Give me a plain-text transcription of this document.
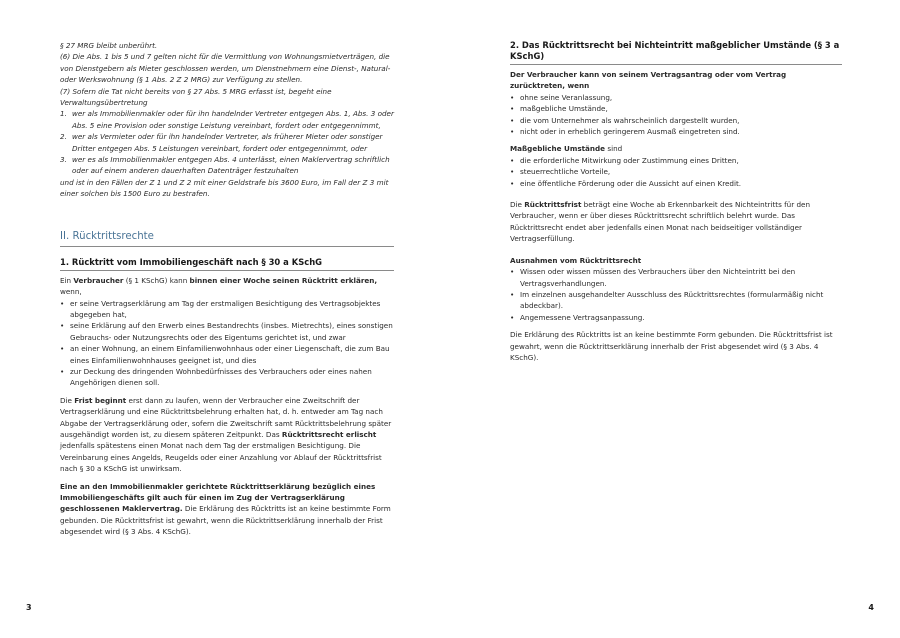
§ 27 MRG bleibt unberührt.
(6) Die Abs. 1 bis 5 und 7 gelten nicht für die Vermittlung von Wohnungsmietverträgen, die von Dienstgebern als Mieter geschlossen werden, um Dienstnehmern eine Dienst-, Natural- oder Werkswohnung (§ 1 Abs. 2 Z 2 MRG) zur Verfügung zu stellen.
(7) Sofern die Tat nicht bereits von § 27 Abs. 5 MRG erfasst ist, begeht eine Verwaltungsübertretung
1. wer als Immobilienmakler oder für ihn handelnder Vertreter entgegen Abs. 1, Abs. 3 oder Abs. 5 eine Provision oder sonstige Leistung vereinbart, fordert oder entgegennimmt,
2. wer als Vermieter oder für ihn handelnder Vertreter, als früherer Mieter oder sonstiger Dritter entgegen Abs. 5 Leistungen vereinbart, fordert oder entgegennimmt, oder
3. wer es als Immobilienmakler entgegen Abs. 4 unterlässt, einen Maklervertrag schriftlich oder auf einem anderen dauerhaften Datenträger festzuhalten
und ist in den Fällen der Z 1 und Z 2 mit einer Geldstrafe bis 3600 Euro, im Fall der Z 3 mit einer solchen bis 1500 Euro zu bestrafen.
II. Rücktrittsrechte
1. Rücktritt vom Immobiliengeschäft nach § 30 a KSchG

Ein Verbraucher (§ 1 KSchG) kann binnen einer Woche seinen Rücktritt erklären, wenn,

• er seine Vertragserklärung am Tag der erstmaligen Besichtigung des Vertragsobjektes abgegeben hat,
• seine Erklärung auf den Erwerb eines Bestandrechts (insbes. Mietrechts), eines sonstigen Gebrauchs- oder Nutzungsrechts oder des Eigentums gerichtet ist, und zwar
• an einer Wohnung, an einem Einfamilienwohnhaus oder einer Liegenschaft, die zum Bau eines Einfamilienwohnhauses geeignet ist, und dies
• zur Deckung des dringenden Wohnbedürfnisses des Verbrauchers oder eines nahen Angehörigen dienen soll.

Die Frist beginnt erst dann zu laufen, wenn der Verbraucher eine Zweitschrift der Vertragserklärung und eine Rücktrittsbelehrung erhalten hat, d. h. entweder am Tag nach Abgabe der Vertragserklärung oder, sofern die Zweitschrift samt Rücktrittsbelehrung später ausgehändigt worden ist, zu diesem späteren Zeitpunkt. Das Rücktrittsrecht erlischt jedenfalls spätestens einen Monat nach dem Tag der erstmaligen Besichtigung. Die Vereinbarung eines Angelds, Reugelds oder einer Anzahlung vor Ablauf der Rücktrittsfrist nach § 30 a KSchG ist unwirksam.

Eine an den Immobilienmakler gerichtete Rücktrittserklärung bezüglich eines Immobiliengeschäfts gilt auch für einen im Zug der Vertragserklärung geschlossenen Maklervertrag. Die Erklärung des Rücktritts ist an keine bestimmte Form gebunden. Die Rücktrittsfrist ist gewahrt, wenn die Rücktrittserklärung innerhalb der Frist abgesendet wird (§ 3 Abs. 4 KSchG).

3
2. Das Rücktrittsrecht bei Nichteintritt maßgeblicher Umstände (§ 3 a KSchG)

Der Verbraucher kann von seinem Vertragsantrag oder vom Vertrag zurücktreten, wenn

• ohne seine Veranlassung,
• maßgebliche Umstände,
• die vom Unternehmer als wahrscheinlich dargestellt wurden,
• nicht oder in erheblich geringerem Ausmaß eingetreten sind.

Maßgebliche Umstände sind

• die erforderliche Mitwirkung oder Zustimmung eines Dritten,
• steuerrechtliche Vorteile,
• eine öffentliche Förderung oder die Aussicht auf einen Kredit.

Die Rücktrittsfrist beträgt eine Woche ab Erkennbarkeit des Nichteintritts für den Verbraucher, wenn er über dieses Rücktrittsrecht schriftlich belehrt wurde. Das Rücktrittsrecht endet aber jedenfalls einen Monat nach beidseitiger vollständiger Vertragserfüllung.

Ausnahmen vom Rücktrittsrecht

• Wissen oder wissen müssen des Verbrauchers über den Nichteintritt bei den Vertragsverhandlungen.
• Im einzelnen ausgehandelter Ausschluss des Rücktrittsrechtes (formularmäßig nicht abdeckbar).
• Angemessene Vertragsanpassung.

Die Erklärung des Rücktritts ist an keine bestimmte Form gebunden. Die Rücktrittsfrist ist gewahrt, wenn die Rücktrittserklärung innerhalb der Frist abgesendet wird (§ 3 Abs. 4 KSchG).

4
